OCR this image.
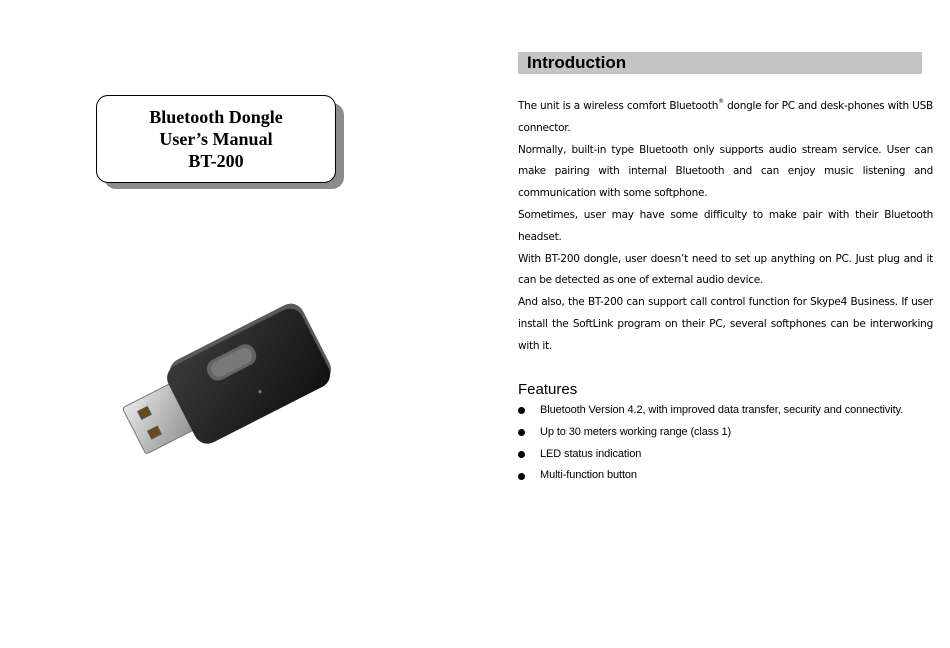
Bluetooth Dongle
User’s Manual
BT-200
Introduction

The unit is a wireless comfort Bluetooth® dongle for PC and desk-phones with USB connector.

Normally, built-in type Bluetooth only supports audio stream service. User can make pairing with internal Bluetooth and can enjoy music listening and communication with some softphone.

Sometimes, user may have some difficulty to make pair with their Bluetooth headset.

With BT-200 dongle, user doesn’t need to set up anything on PC. Just plug and it can be detected as one of external audio device.

And also, the BT-200 can support call control function for Skype4 Business. If user install the SoftLink program on their PC, several softphones can be interworking with it.

Features
Bluetooth Version 4.2, with improved data transfer, security and connectivity.
Up to 30 meters working range (class 1)
LED status indication
Multi-function button
